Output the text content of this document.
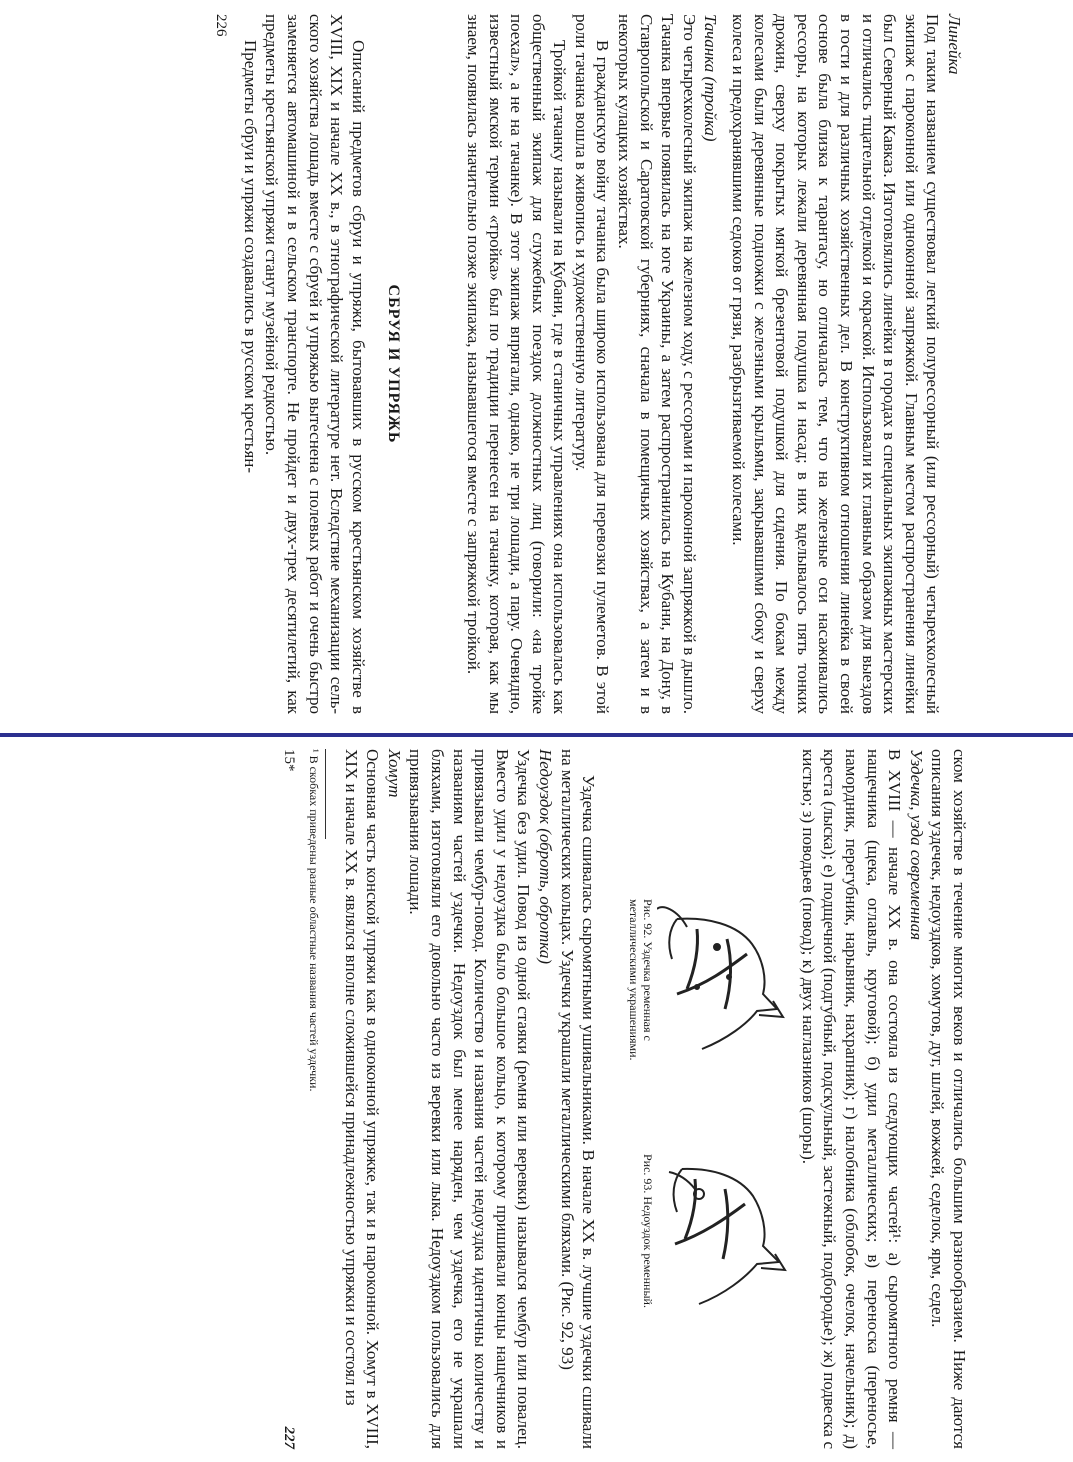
Линейка

Под таким названием существовал легкий полурессорный (или рессорный) четырехколесный экипаж с пароконной или одноконной запряжкой. Главным местом распространения линейки был Северный Кавказ. Изготовлялись линейки в городах в специальных экипажных мастерских и отличались тщательной отделкой и окраской. Использовали их главным образом для выездов в гости и для различных хозяйственных дел. В конструктивном отношении линейка в своей основе была близка к тарантасу, но отличалась тем, что на железные оси насаживались рессоры, на которых лежали деревянная подушка и насад; в них вделывалось пять тонких дрожин, сверху покрытых мягкой брезентовой подушкой для сидения. По бокам между колесами были деревянные подножки с железными крыльями, закрывавшими сбоку и сверху колеса и предохранявшими седоков от грязи, разбрызгиваемой колесами.

Тачанка (тройка)

Это четырехколесный экипаж на железном ходу, с рессорами и пароконной запряжкой в дышло. Тачанка впервые появилась на юге Украины, а затем распространилась на Кубани, на Дону, в Ставропольской и Саратовской губерниях, сначала в помещичьих хозяйствах, а затем и в некоторых кулацких хозяйствах.

В гражданскую войну тачанка была широко использована для перевозки пулеметов. В этой роли тачанка вошла в живопись и художественную литературу.

Тройкой тачанку называли на Кубани, где в станичных управлениях она использовалась как общественный экипаж для служебных поездок должностных лиц (говорили: «на тройке поехал», а не на тачанке). В этот экипаж впрягали, однако, не три лошади, а пару. Очевидно, известный ямской термин «тройка» был по традиции перенесен на тачанку, которая, как мы знаем, появилась значительно позже экипажа, называвшегося вместе с запряжкой тройкой.

СБРУЯ И УПРЯЖЬ

Описаний предметов сбруи и упряжи, бытовавших в русском крестьянском хозяйстве в XVIII, XIX и начале XX в., в этнографической литературе нет. Вследствие механизации сельского хозяйства лошадь вместе с сбруей и упряжью вытеснена с полевых работ и очень быстро заменяется автомашиной и в сельском транспорте. Не пройдет и двух-трех десятилетий, как предметы крестьянской упряжи станут музейной редкостью.

Предметы сбруи и упряжи создавались в русском крестьян-

226

ском хозяйстве в течение многих веков и отличались большим разнообразием. Ниже даются описания уздечек, недоуздков, хомутов, дуг, шлей, вожжей, седелок, ярм, седел.

Уздечка, узда современная

В XVIII — начале XX в. она состояла из следующих частей¹: а) сыромятного ремня — нащечника (щека, оглавль, круговой); б) удил металлических; в) переноска (переносье, намордник, перегубник, нарывник, нахрапник); г) налобника (облобок, очелок, начельник); д) креста (лыска); е) подщечной (подгубный, подскульный, застежный, подбородье); ж) подвеска с кистью; з) поводьев (повод); к) двух наглазников (шоры).

Рис. 92. Уздечка ременная с металлическими украшениями.
Рис. 93. Недоуздок ременный.

Уздечка сшивалась сыромятными ушивальниками. В начале XX в. лучшие уздечки сшивали на металлических кольцах. Уздечки украшали металлическими бляхами. (Рис. 92, 93)

Недоуздок (оброть, обротка)

Уздечка без удил. Повод из одной стаяки (ремня или веревки) назывался чембур или повалец. Вместо удил у недоуздка было большое кольцо, к которому пришивали концы нащечников и привязывали чембур-повод. Количество и названия частей недоуздка идентичны количеству и названиям частей уздечки. Недоуздок был менее наряден, чем уздечка, его не украшали бляхами, изготовляли его довольно часто из веревки или лыка. Недоуздком пользовались для привязывания лошади.

Хомут

Основная часть конской упряжи как в одноконной упряжке, так и в пароконной. Хомут в XVIII, XIX и начале XX в. являлся вполне сложившейся принадлежностью упряжки и состоял из

¹ В скобках приведены разные областные названия частей уздечки.
15*
227
